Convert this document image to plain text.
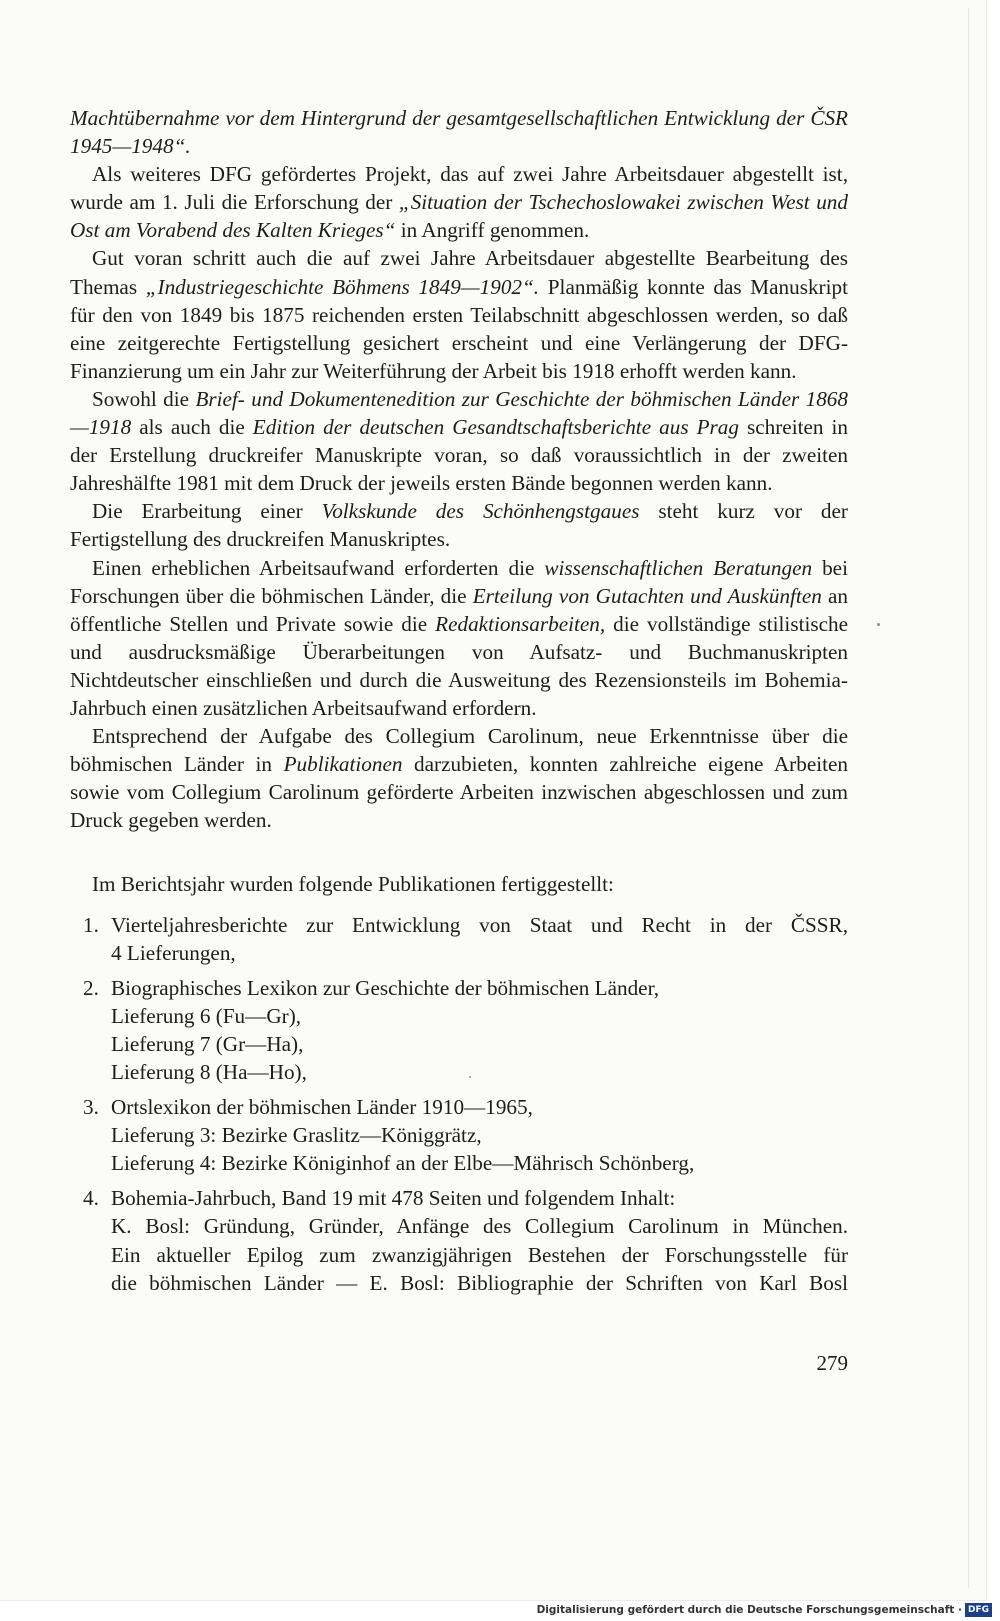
Machtübernahme vor dem Hintergrund der gesamtgesellschaftlichen Entwicklung der ČSR 1945—1948“.

Als weiteres DFG gefördertes Projekt, das auf zwei Jahre Arbeitsdauer abgestellt ist, wurde am 1. Juli die Erforschung der „Situation der Tschechoslowakei zwischen West und Ost am Vorabend des Kalten Krieges“ in Angriff genommen.

Gut voran schritt auch die auf zwei Jahre Arbeitsdauer abgestellte Bearbeitung des Themas „Industriegeschichte Böhmens 1849—1902“. Planmäßig konnte das Manuskript für den von 1849 bis 1875 reichenden ersten Teilabschnitt abgeschlossen werden, so daß eine zeitgerechte Fertigstellung gesichert erscheint und eine Verlängerung der DFG-Finanzierung um ein Jahr zur Weiterführung der Arbeit bis 1918 erhofft werden kann.

Sowohl die Brief- und Dokumentenedition zur Geschichte der böhmischen Länder 1868—1918 als auch die Edition der deutschen Gesandtschaftsberichte aus Prag schreiten in der Erstellung druckreifer Manuskripte voran, so daß voraussichtlich in der zweiten Jahreshälfte 1981 mit dem Druck der jeweils ersten Bände begonnen werden kann.

Die Erarbeitung einer Volkskunde des Schönhengstgaues steht kurz vor der Fertigstellung des druckreifen Manuskriptes.

Einen erheblichen Arbeitsaufwand erforderten die wissenschaftlichen Beratungen bei Forschungen über die böhmischen Länder, die Erteilung von Gutachten und Auskünften an öffentliche Stellen und Private sowie die Redaktionsarbeiten, die vollständige stilistische und ausdrucksmäßige Überarbeitungen von Aufsatz- und Buchmanuskripten Nichtdeutscher einschließen und durch die Ausweitung des Rezensionsteils im Bohemia-Jahrbuch einen zusätzlichen Arbeitsaufwand erfordern.

Entsprechend der Aufgabe des Collegium Carolinum, neue Erkenntnisse über die böhmischen Länder in Publikationen darzubieten, konnten zahlreiche eigene Arbeiten sowie vom Collegium Carolinum geförderte Arbeiten inzwischen abgeschlossen und zum Druck gegeben werden.

Im Berichtsjahr wurden folgende Publikationen fertiggestellt:

1. Vierteljahresberichte zur Entwicklung von Staat und Recht in der ČSSR,
4 Lieferungen,
2. Biographisches Lexikon zur Geschichte der böhmischen Länder,
Lieferung 6 (Fu—Gr),
Lieferung 7 (Gr—Ha),
Lieferung 8 (Ha—Ho),
3. Ortslexikon der böhmischen Länder 1910—1965,
Lieferung 3: Bezirke Graslitz—Königgrätz,
Lieferung 4: Bezirke Königinhof an der Elbe—Mährisch Schönberg,
4. Bohemia-Jahrbuch, Band 19 mit 478 Seiten und folgendem Inhalt:
K. Bosl: Gründung, Gründer, Anfänge des Collegium Carolinum in München.
Ein aktueller Epilog zum zwanzigjährigen Bestehen der Forschungsstelle für
die böhmischen Länder — E. Bosl: Bibliographie der Schriften von Karl Bosl
279
Digitalisierung gefördert durch die Deutsche Forschungsgemeinschaft · DFG
